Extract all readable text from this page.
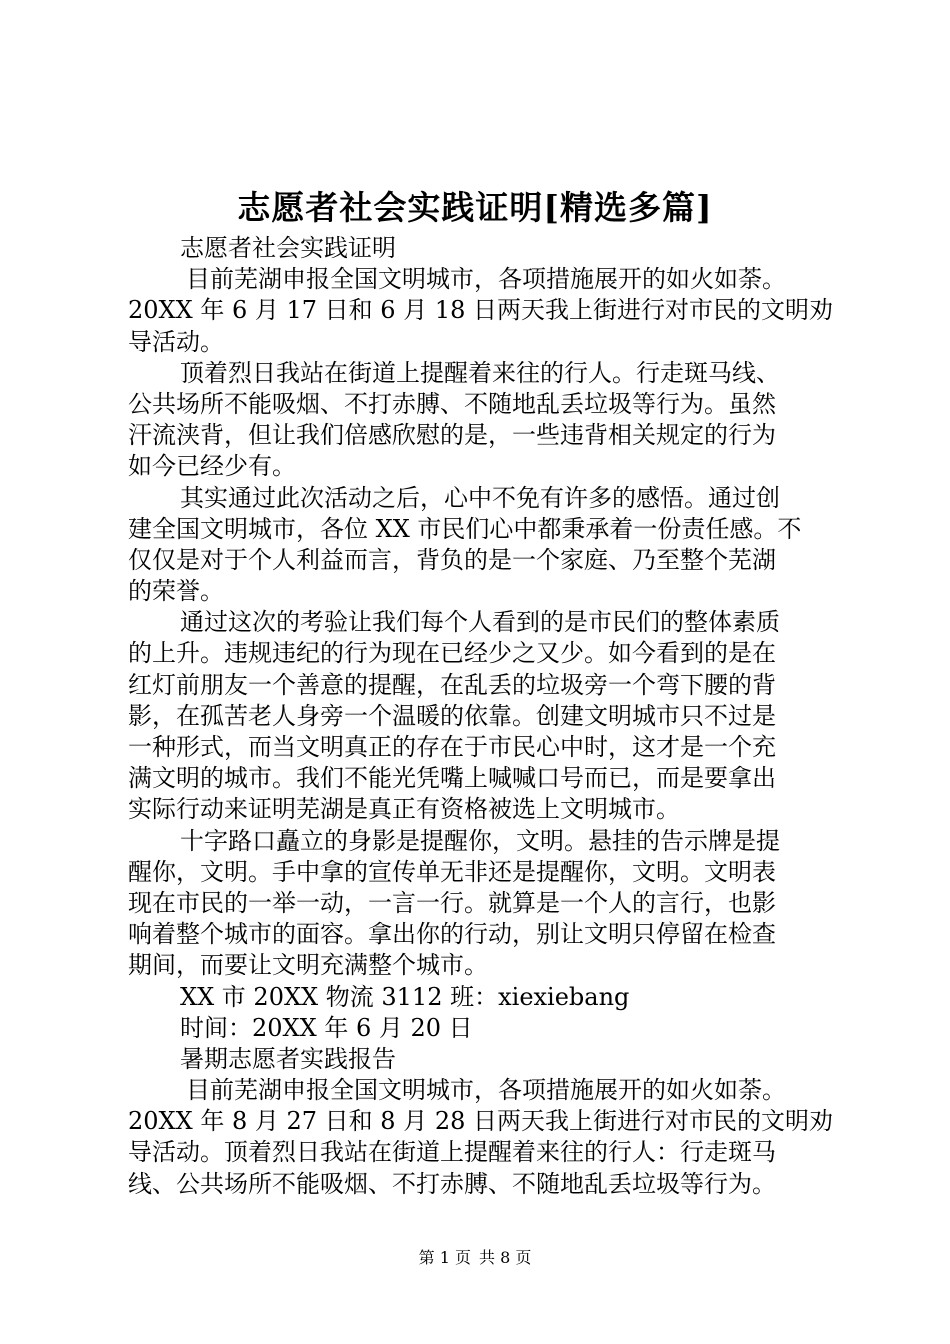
志愿者社会实践证明[精选多篇]
志愿者社会实践证明
目前芜湖申报全国文明城市，各项措施展开的如火如荼。
20XX 年 6 月 17 日和 6 月 18 日两天我上街进行对市民的文明劝
导活动。
顶着烈日我站在街道上提醒着来往的行人。行走斑马线、
公共场所不能吸烟、不打赤膊、不随地乱丢垃圾等行为。虽然
汗流浃背，但让我们倍感欣慰的是，一些违背相关规定的行为
如今已经少有。
其实通过此次活动之后，心中不免有许多的感悟。通过创
建全国文明城市，各位 XX 市民们心中都秉承着一份责任感。不
仅仅是对于个人利益而言，背负的是一个家庭、乃至整个芜湖
的荣誉。
通过这次的考验让我们每个人看到的是市民们的整体素质
的上升。违规违纪的行为现在已经少之又少。如今看到的是在
红灯前朋友一个善意的提醒，在乱丢的垃圾旁一个弯下腰的背
影，在孤苦老人身旁一个温暖的依靠。创建文明城市只不过是
一种形式，而当文明真正的存在于市民心中时，这才是一个充
满文明的城市。我们不能光凭嘴上喊喊口号而已，而是要拿出
实际行动来证明芜湖是真正有资格被选上文明城市。
十字路口矗立的身影是提醒你，文明。悬挂的告示牌是提
醒你，文明。手中拿的宣传单无非还是提醒你，文明。文明表
现在市民的一举一动，一言一行。就算是一个人的言行，也影
响着整个城市的面容。拿出你的行动，别让文明只停留在检查
期间，而要让文明充满整个城市。
XX 市 20XX 物流 3112 班：xiexiebang
时间：20XX 年 6 月 20 日
暑期志愿者实践报告
目前芜湖申报全国文明城市，各项措施展开的如火如荼。
20XX 年 8 月 27 日和 8 月 28 日两天我上街进行对市民的文明劝
导活动。顶着烈日我站在街道上提醒着来往的行人：行走斑马
线、公共场所不能吸烟、不打赤膊、不随地乱丢垃圾等行为。
第 1 页 共 8 页
